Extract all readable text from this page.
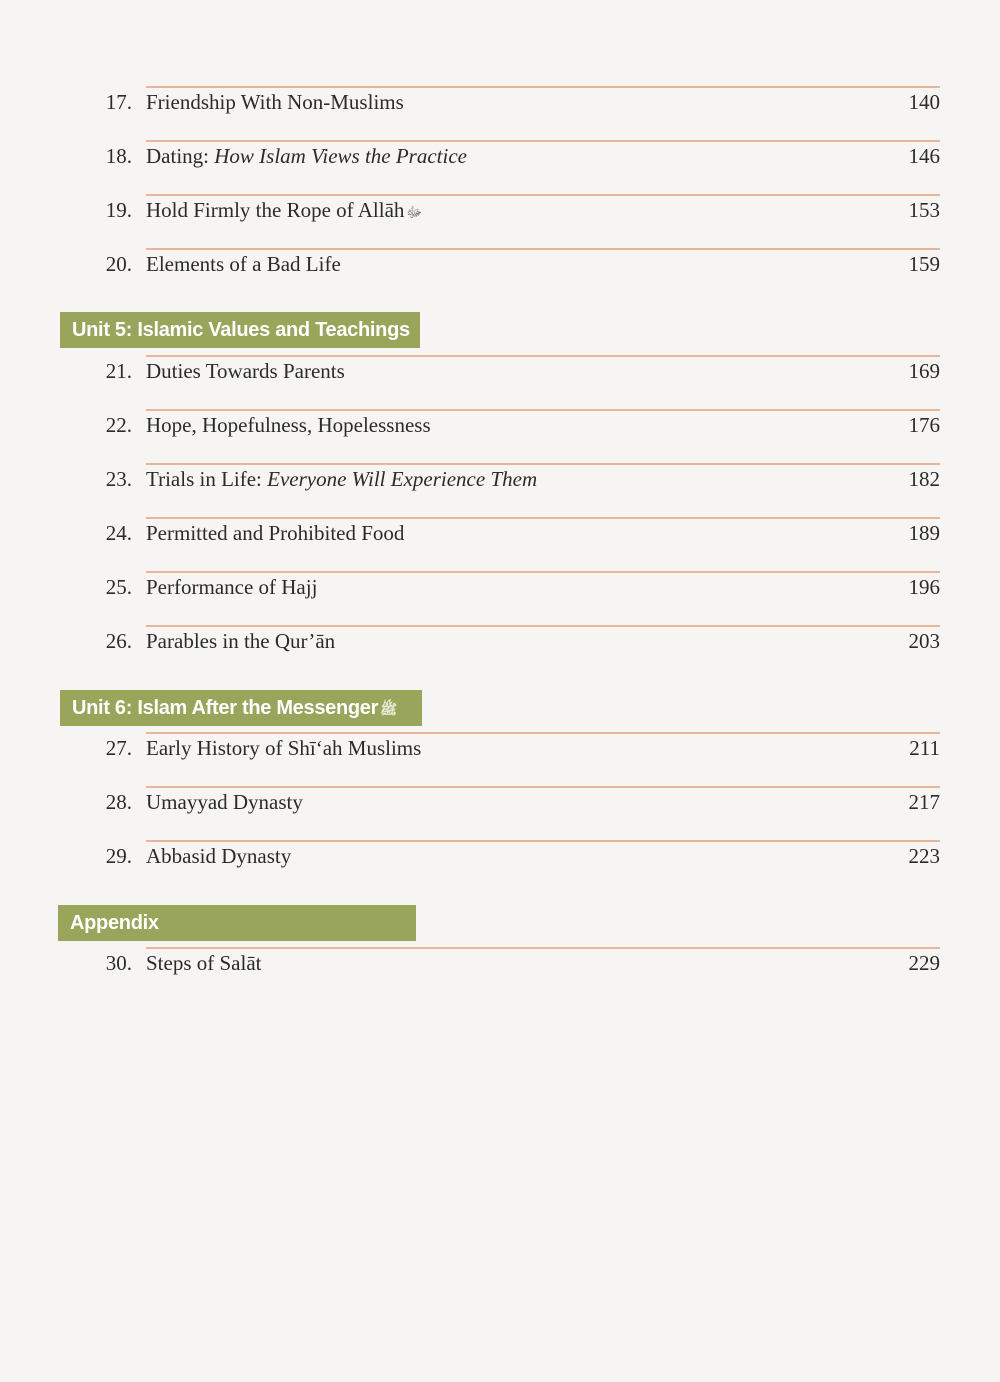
17. Friendship With Non-Muslims	140
18. Dating: How Islam Views the Practice	146
19. Hold Firmly the Rope of Allāh ﷻ	153
20. Elements of a Bad Life	159
Unit 5: Islamic Values and Teachings
21. Duties Towards Parents	169
22. Hope, Hopefulness, Hopelessness	176
23. Trials in Life: Everyone Will Experience Them	182
24. Permitted and Prohibited Food	189
25. Performance of Hajj	196
26. Parables in the Qur’ān	203
Unit 6: Islam After the Messenger ﷺ
27. Early History of Shī‘ah Muslims	211
28. Umayyad Dynasty	217
29. Abbasid Dynasty	223
Appendix
30. Steps of Salāt	229
